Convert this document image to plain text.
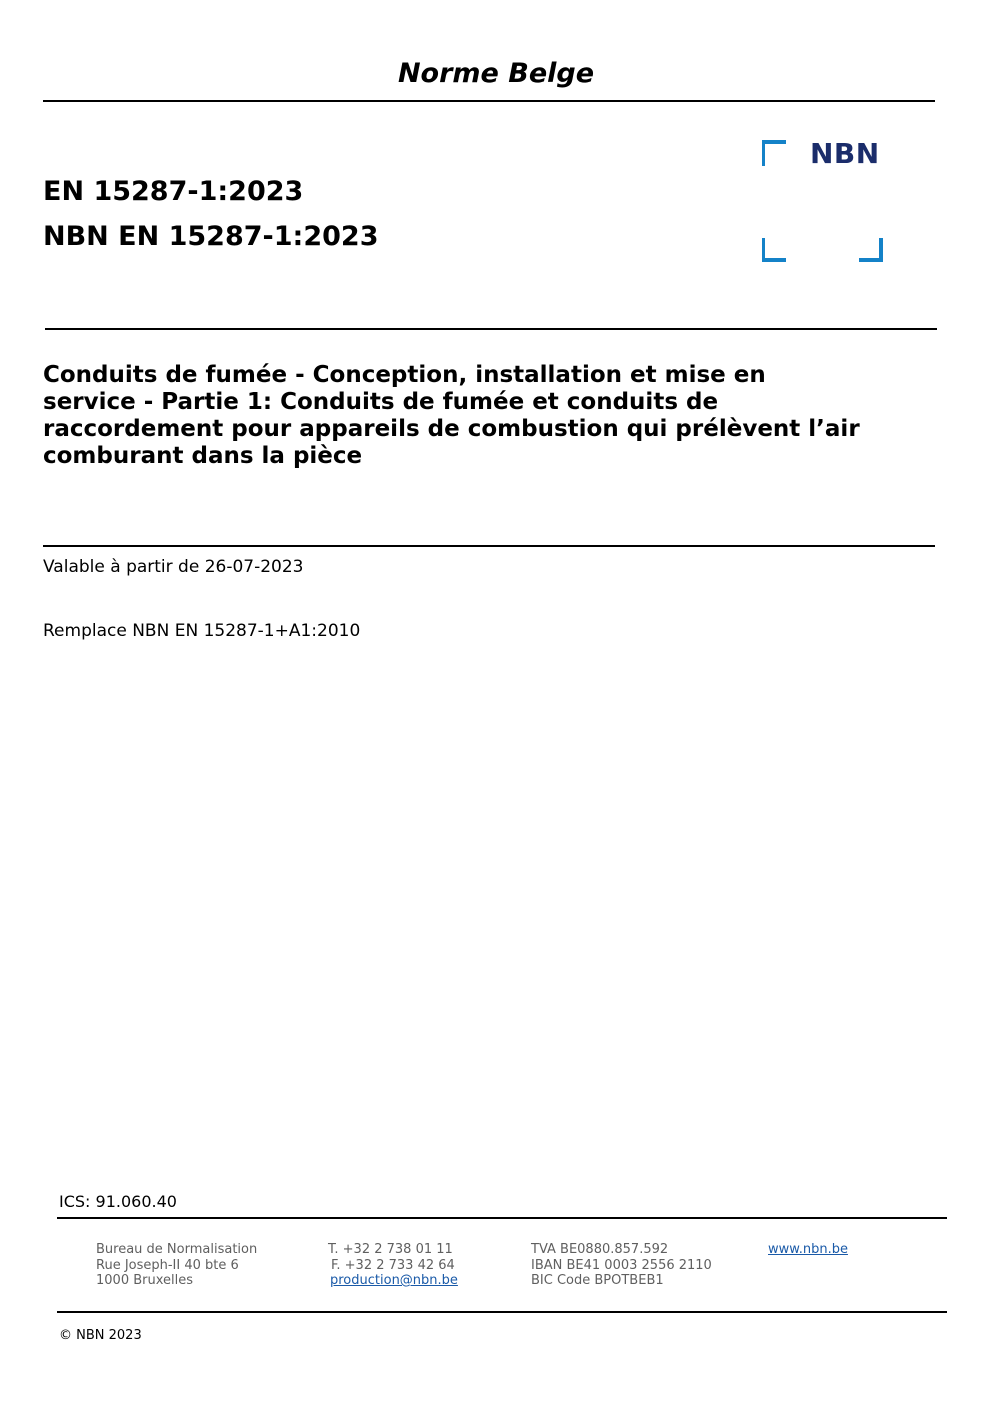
Norme Belge
EN 15287-1:2023
NBN EN 15287-1:2023
NBN
Conduits de fumée - Conception, installation et mise en
service - Partie 1: Conduits de fumée et conduits de
raccordement pour appareils de combustion qui prélèvent l’air
comburant dans la pièce
Valable à partir de 26-07-2023
Remplace NBN EN 15287-1+A1:2010
ICS: 91.060.40
Bureau de Normalisation
Rue Joseph-II 40 bte 6
1000 Bruxelles
T. +32 2 738 01 11
F. +32 2 733 42 64
production@nbn.be
TVA BE0880.857.592
IBAN BE41 0003 2556 2110
BIC Code BPOTBEB1
www.nbn.be
© NBN 2023
